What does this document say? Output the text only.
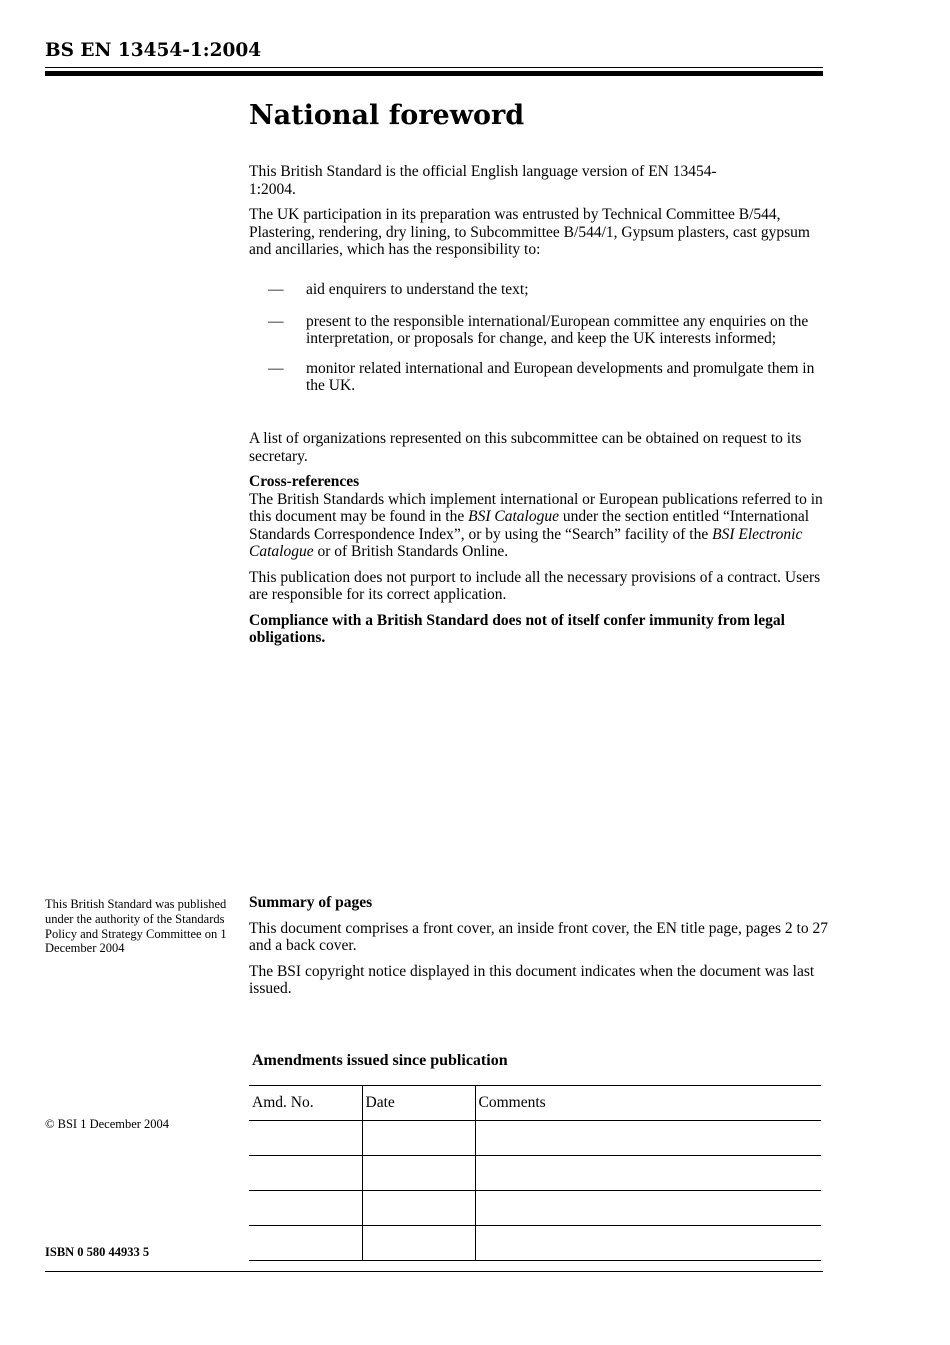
BS EN 13454-1:2004
National foreword

This British Standard is the official English language version of EN 13454-1:2004.

The UK participation in its preparation was entrusted by Technical Committee B/544, Plastering, rendering, dry lining, to Subcommittee B/544/1, Gypsum plasters, cast gypsum and ancillaries, which has the responsibility to:

— aid enquirers to understand the text;
— present to the responsible international/European committee any enquiries on the interpretation, or proposals for change, and keep the UK interests informed;
— monitor related international and European developments and promulgate them in the UK.

A list of organizations represented on this subcommittee can be obtained on request to its secretary.

Cross-references

The British Standards which implement international or European publications referred to in this document may be found in the BSI Catalogue under the section entitled “International Standards Correspondence Index”, or by using the “Search” facility of the BSI Electronic Catalogue or of British Standards Online.

This publication does not purport to include all the necessary provisions of a contract. Users are responsible for its correct application.

Compliance with a British Standard does not of itself confer immunity from legal obligations.

This British Standard was published under the authority of the Standards Policy and Strategy Committee on 1 December 2004

Summary of pages

This document comprises a front cover, an inside front cover, the EN title page, pages 2 to 27 and a back cover.

The BSI copyright notice displayed in this document indicates when the document was last issued.

Amendments issued since publication
Amd. No.	Date	Comments

© BSI 1 December 2004
ISBN 0 580 44933 5
